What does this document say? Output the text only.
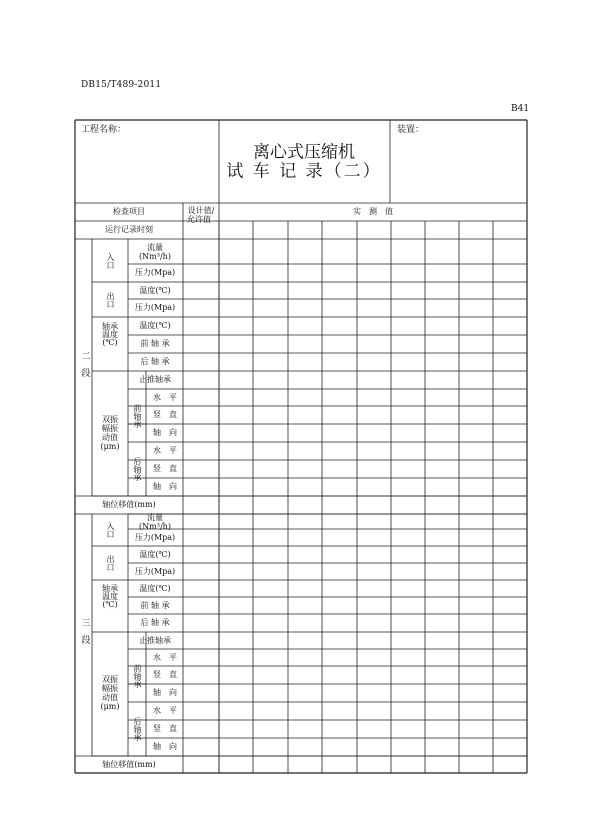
DB15/T489-2011
B41
工程名称：	装置：
离心式压缩机
试 车 记 录（二）
检查项目	设计值/
允许值
实　测　值
运行记录时刻
二段
入口
出口
轴承
温度
(℃)
双振
幅振
动值
(μm)
流量
(Nm³/h)
压力(Mpa)
温度(℃)
压力(Mpa)
温度(℃)
前 轴 承
后 轴 承
止推轴承
前轴承
后轴承
水　平
竖　直
轴　向
水　平
竖　直
轴　向
轴位移值(mm)
三段
入口
出口
轴承
温度
(℃)
双振
幅振
动值
(μm)
流量
(Nm³/h)
压力(Mpa)
温度(℃)
压力(Mpa)
温度(℃)
前 轴 承
后 轴 承
止推轴承
前轴承
后轴承
水　平
竖　直
轴　向
水　平
竖　直
轴　向
轴位移值(mm)
